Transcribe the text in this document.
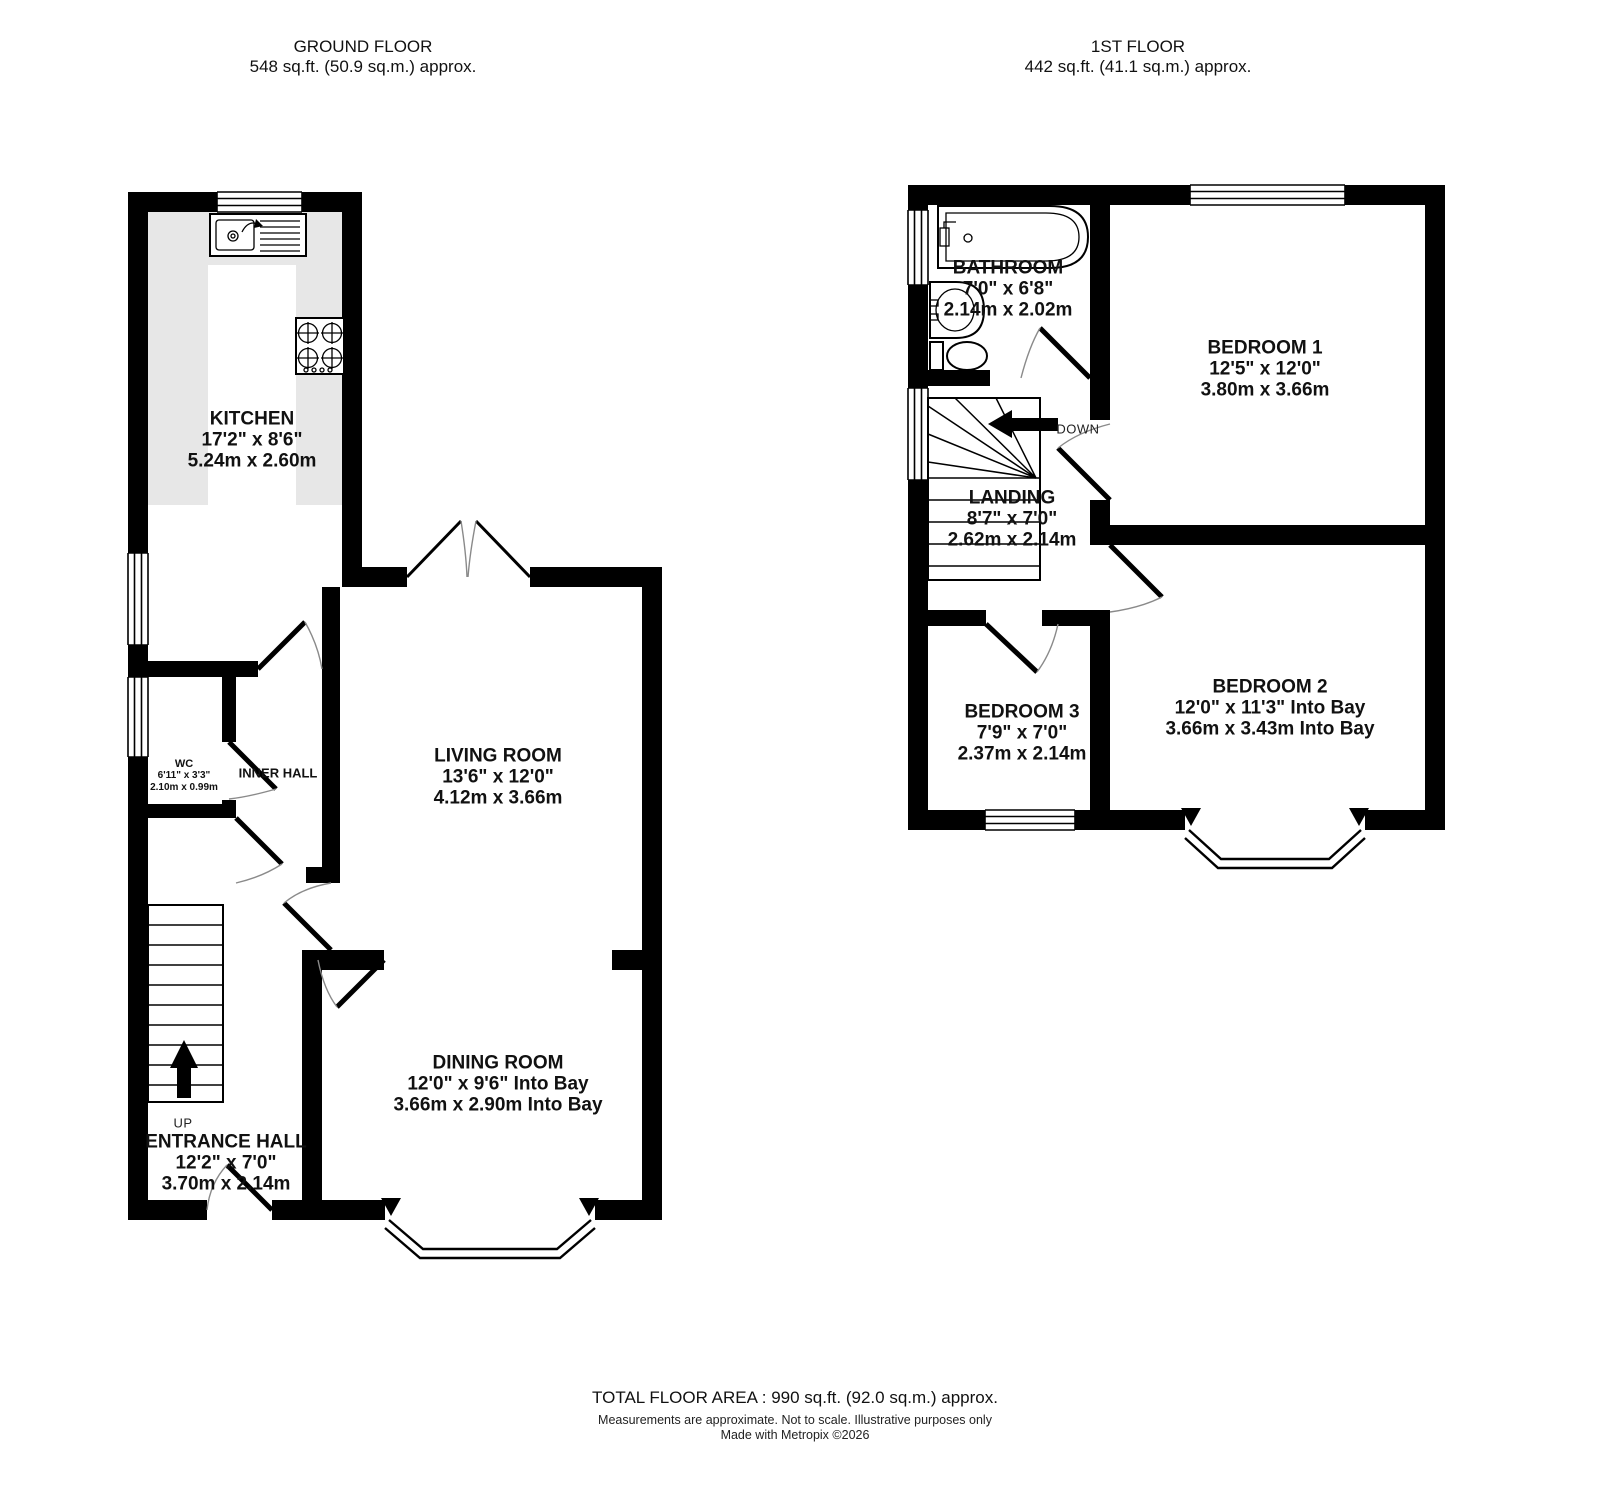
GROUND FLOOR
548 sq.ft. (50.9 sq.m.) approx.
1ST FLOOR
442 sq.ft. (41.1 sq.m.) approx.
KITCHEN
17'2" x 8'6"
5.24m x 2.60m
LIVING ROOM
13'6" x 12'0"
4.12m x 3.66m
DINING ROOM
12'0" x 9'6" Into Bay
3.66m x 2.90m Into Bay
ENTRANCE HALL
12'2" x 7'0"
3.70m x 2.14m
WC
6'11" x 3'3"
2.10m x 0.99m
INNER HALL
UP
BATHROOM
7'0" x 6'8"
2.14m x 2.02m
BEDROOM 1
12'5" x 12'0"
3.80m x 3.66m
LANDING
8'7" x 7'0"
2.62m x 2.14m
BEDROOM 3
7'9" x 7'0"
2.37m x 2.14m
BEDROOM 2
12'0" x 11'3" Into Bay
3.66m x 3.43m Into Bay
DOWN
TOTAL FLOOR AREA : 990 sq.ft. (92.0 sq.m.) approx.
Measurements are approximate. Not to scale. Illustrative purposes only
Made with Metropix ©2026
